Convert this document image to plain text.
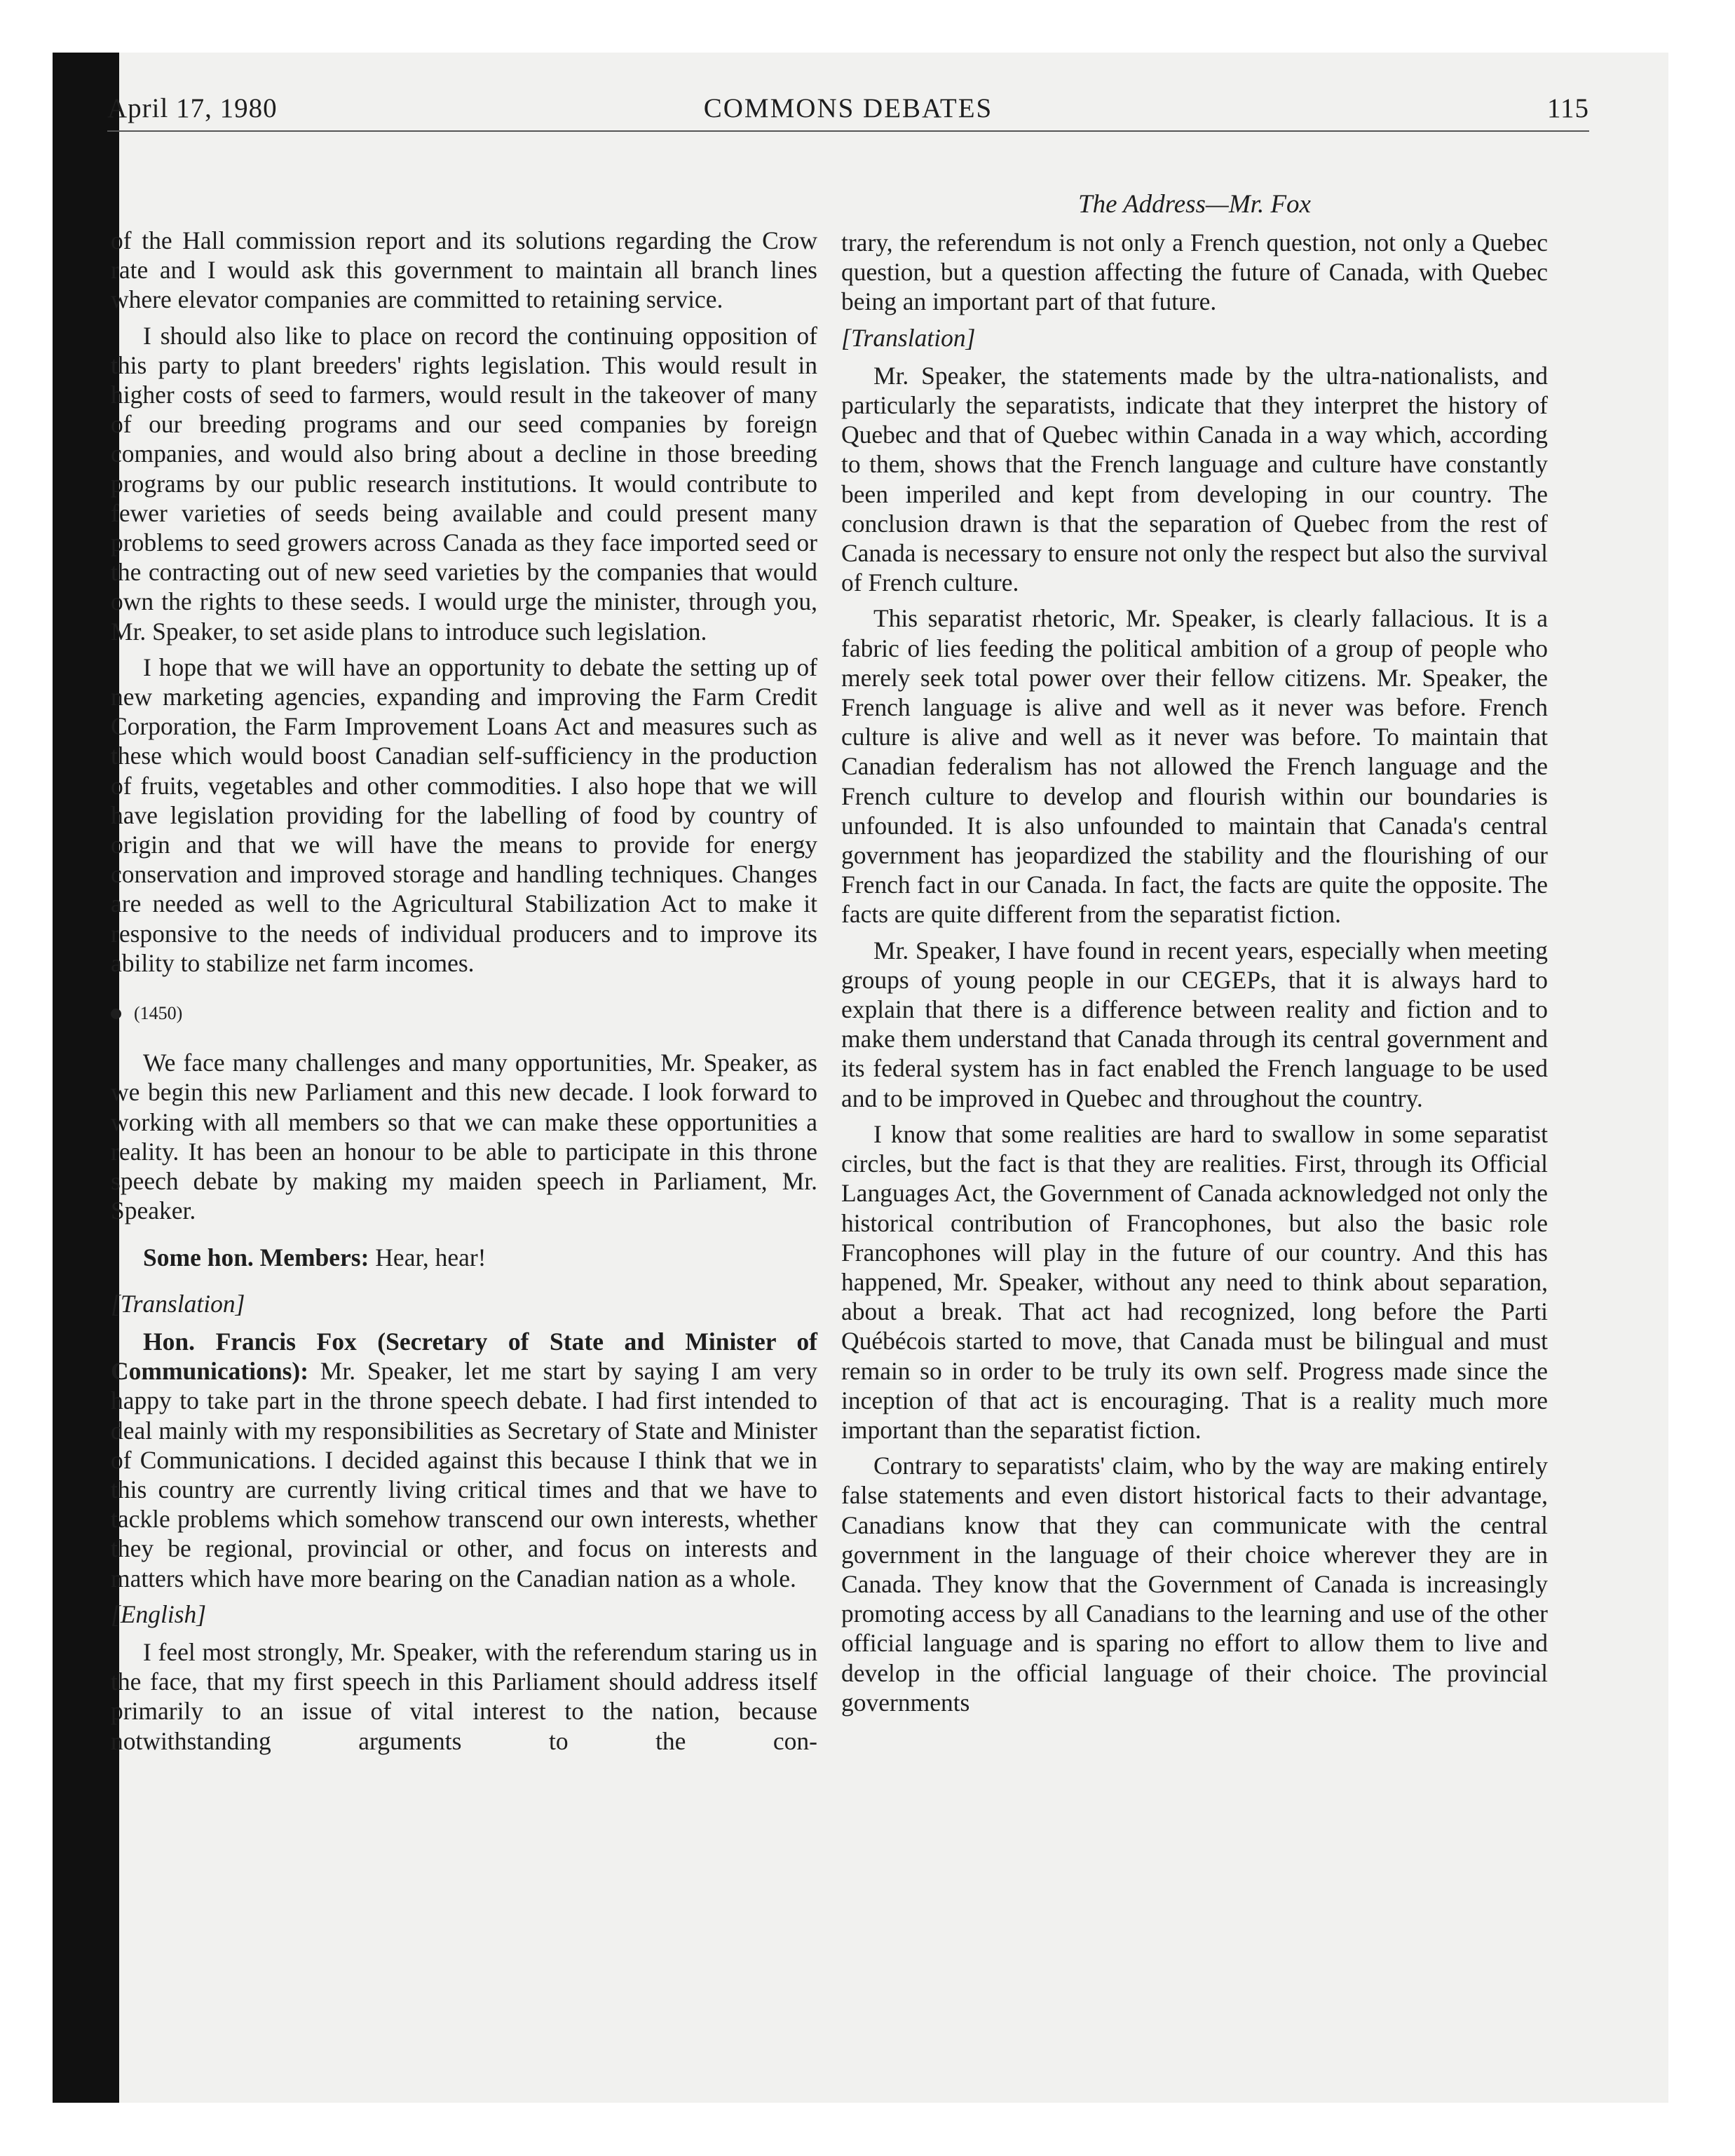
April 17, 1980	COMMONS DEBATES	115
The Address—Mr. Fox

of the Hall commission report and its solutions regarding the Crow rate and I would ask this government to maintain all branch lines where elevator companies are committed to retaining service.

I should also like to place on record the continuing opposition of this party to plant breeders' rights legislation. This would result in higher costs of seed to farmers, would result in the takeover of many of our breeding programs and our seed companies by foreign companies, and would also bring about a decline in those breeding programs by our public research institutions. It would contribute to fewer varieties of seeds being available and could present many problems to seed growers across Canada as they face imported seed or the contracting out of new seed varieties by the companies that would own the rights to these seeds. I would urge the minister, through you, Mr. Speaker, to set aside plans to introduce such legislation.

I hope that we will have an opportunity to debate the setting up of new marketing agencies, expanding and improving the Farm Credit Corporation, the Farm Improvement Loans Act and measures such as these which would boost Canadian self-sufficiency in the production of fruits, vegetables and other commodities. I also hope that we will have legislation providing for the labelling of food by country of origin and that we will have the means to provide for energy conservation and improved storage and handling techniques. Changes are needed as well to the Agricultural Stabilization Act to make it responsive to the needs of individual producers and to improve its ability to stabilize net farm incomes.

(1450)

We face many challenges and many opportunities, Mr. Speaker, as we begin this new Parliament and this new decade. I look forward to working with all members so that we can make these opportunities a reality. It has been an honour to be able to participate in this throne speech debate by making my maiden speech in Parliament, Mr. Speaker.

Some hon. Members: Hear, hear!

[Translation]

Hon. Francis Fox (Secretary of State and Minister of Communications): Mr. Speaker, let me start by saying I am very happy to take part in the throne speech debate. I had first intended to deal mainly with my responsibilities as Secretary of State and Minister of Communications. I decided against this because I think that we in this country are currently living critical times and that we have to tackle problems which somehow transcend our own interests, whether they be regional, provincial or other, and focus on interests and matters which have more bearing on the Canadian nation as a whole.

[English]

I feel most strongly, Mr. Speaker, with the referendum staring us in the face, that my first speech in this Parliament should address itself primarily to an issue of vital interest to the nation, because notwithstanding arguments to the con-

trary, the referendum is not only a French question, not only a Quebec question, but a question affecting the future of Canada, with Quebec being an important part of that future.

[Translation]

Mr. Speaker, the statements made by the ultra-nationalists, and particularly the separatists, indicate that they interpret the history of Quebec and that of Quebec within Canada in a way which, according to them, shows that the French language and culture have constantly been imperiled and kept from developing in our country. The conclusion drawn is that the separation of Quebec from the rest of Canada is necessary to ensure not only the respect but also the survival of French culture.

This separatist rhetoric, Mr. Speaker, is clearly fallacious. It is a fabric of lies feeding the political ambition of a group of people who merely seek total power over their fellow citizens. Mr. Speaker, the French language is alive and well as it never was before. French culture is alive and well as it never was before. To maintain that Canadian federalism has not allowed the French language and the French culture to develop and flourish within our boundaries is unfounded. It is also unfounded to maintain that Canada's central government has jeopardized the stability and the flourishing of our French fact in our Canada. In fact, the facts are quite the opposite. The facts are quite different from the separatist fiction.

Mr. Speaker, I have found in recent years, especially when meeting groups of young people in our CEGEPs, that it is always hard to explain that there is a difference between reality and fiction and to make them understand that Canada through its central government and its federal system has in fact enabled the French language to be used and to be improved in Quebec and throughout the country.

I know that some realities are hard to swallow in some separatist circles, but the fact is that they are realities. First, through its Official Languages Act, the Government of Canada acknowledged not only the historical contribution of Francophones, but also the basic role Francophones will play in the future of our country. And this has happened, Mr. Speaker, without any need to think about separation, about a break. That act had recognized, long before the Parti Québécois started to move, that Canada must be bilingual and must remain so in order to be truly its own self. Progress made since the inception of that act is encouraging. That is a reality much more important than the separatist fiction.

Contrary to separatists' claim, who by the way are making entirely false statements and even distort historical facts to their advantage, Canadians know that they can communicate with the central government in the language of their choice wherever they are in Canada. They know that the Government of Canada is increasingly promoting access by all Canadians to the learning and use of the other official language and is sparing no effort to allow them to live and develop in the official language of their choice. The provincial governments
